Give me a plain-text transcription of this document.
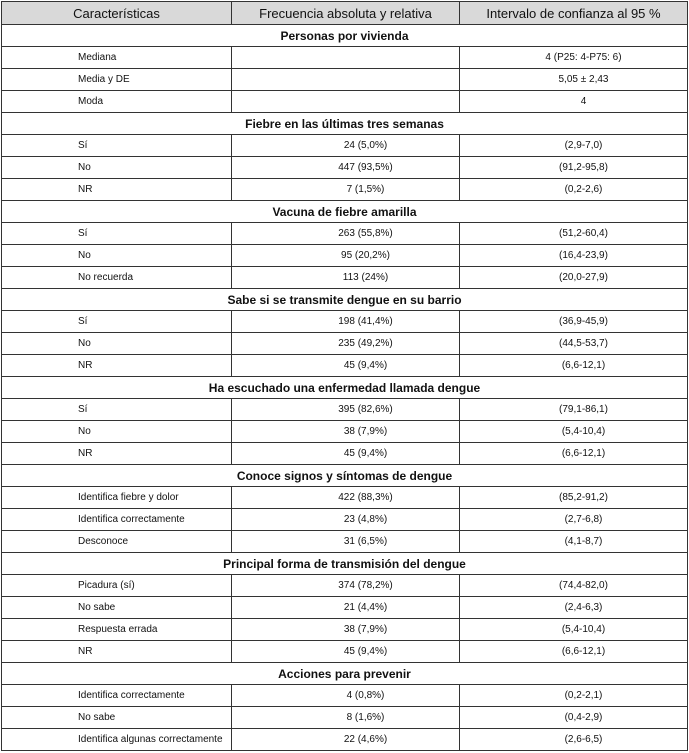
Características	Frecuencia absoluta y relativa	Intervalo de confianza al 95 %
Personas por vivienda		
Mediana		4 (P25: 4-P75: 6)
Media y DE		5,05 ± 2,43
Moda		4
Fiebre en las últimas tres semanas		
Sí	24 (5,0%)	(2,9-7,0)
No	447 (93,5%)	(91,2-95,8)
NR	7 (1,5%)	(0,2-2,6)
Vacuna de fiebre amarilla		
Sí	263 (55,8%)	(51,2-60,4)
No	95 (20,2%)	(16,4-23,9)
No recuerda	113 (24%)	(20,0-27,9)
Sabe si se transmite dengue en su barrio		
Sí	198 (41,4%)	(36,9-45,9)
No	235 (49,2%)	(44,5-53,7)
NR	45 (9,4%)	(6,6-12,1)
Ha escuchado una enfermedad llamada dengue		
Sí	395 (82,6%)	(79,1-86,1)
No	38 (7,9%)	(5,4-10,4)
NR	45 (9,4%)	(6,6-12,1)
Conoce signos y síntomas de dengue		
Identifica fiebre y dolor	422 (88,3%)	(85,2-91,2)
Identifica correctamente	23 (4,8%)	(2,7-6,8)
Desconoce	31 (6,5%)	(4,1-8,7)
Principal forma de transmisión del dengue		
Picadura (sí)	374 (78,2%)	(74,4-82,0)
No sabe	21 (4,4%)	(2,4-6,3)
Respuesta errada	38 (7,9%)	(5,4-10,4)
NR	45 (9,4%)	(6,6-12,1)
Acciones para prevenir		
Identifica correctamente	4 (0,8%)	(0,2-2,1)
No sabe	8 (1,6%)	(0,4-2,9)
Identifica algunas correctamente	22 (4,6%)	(2,6-6,5)
